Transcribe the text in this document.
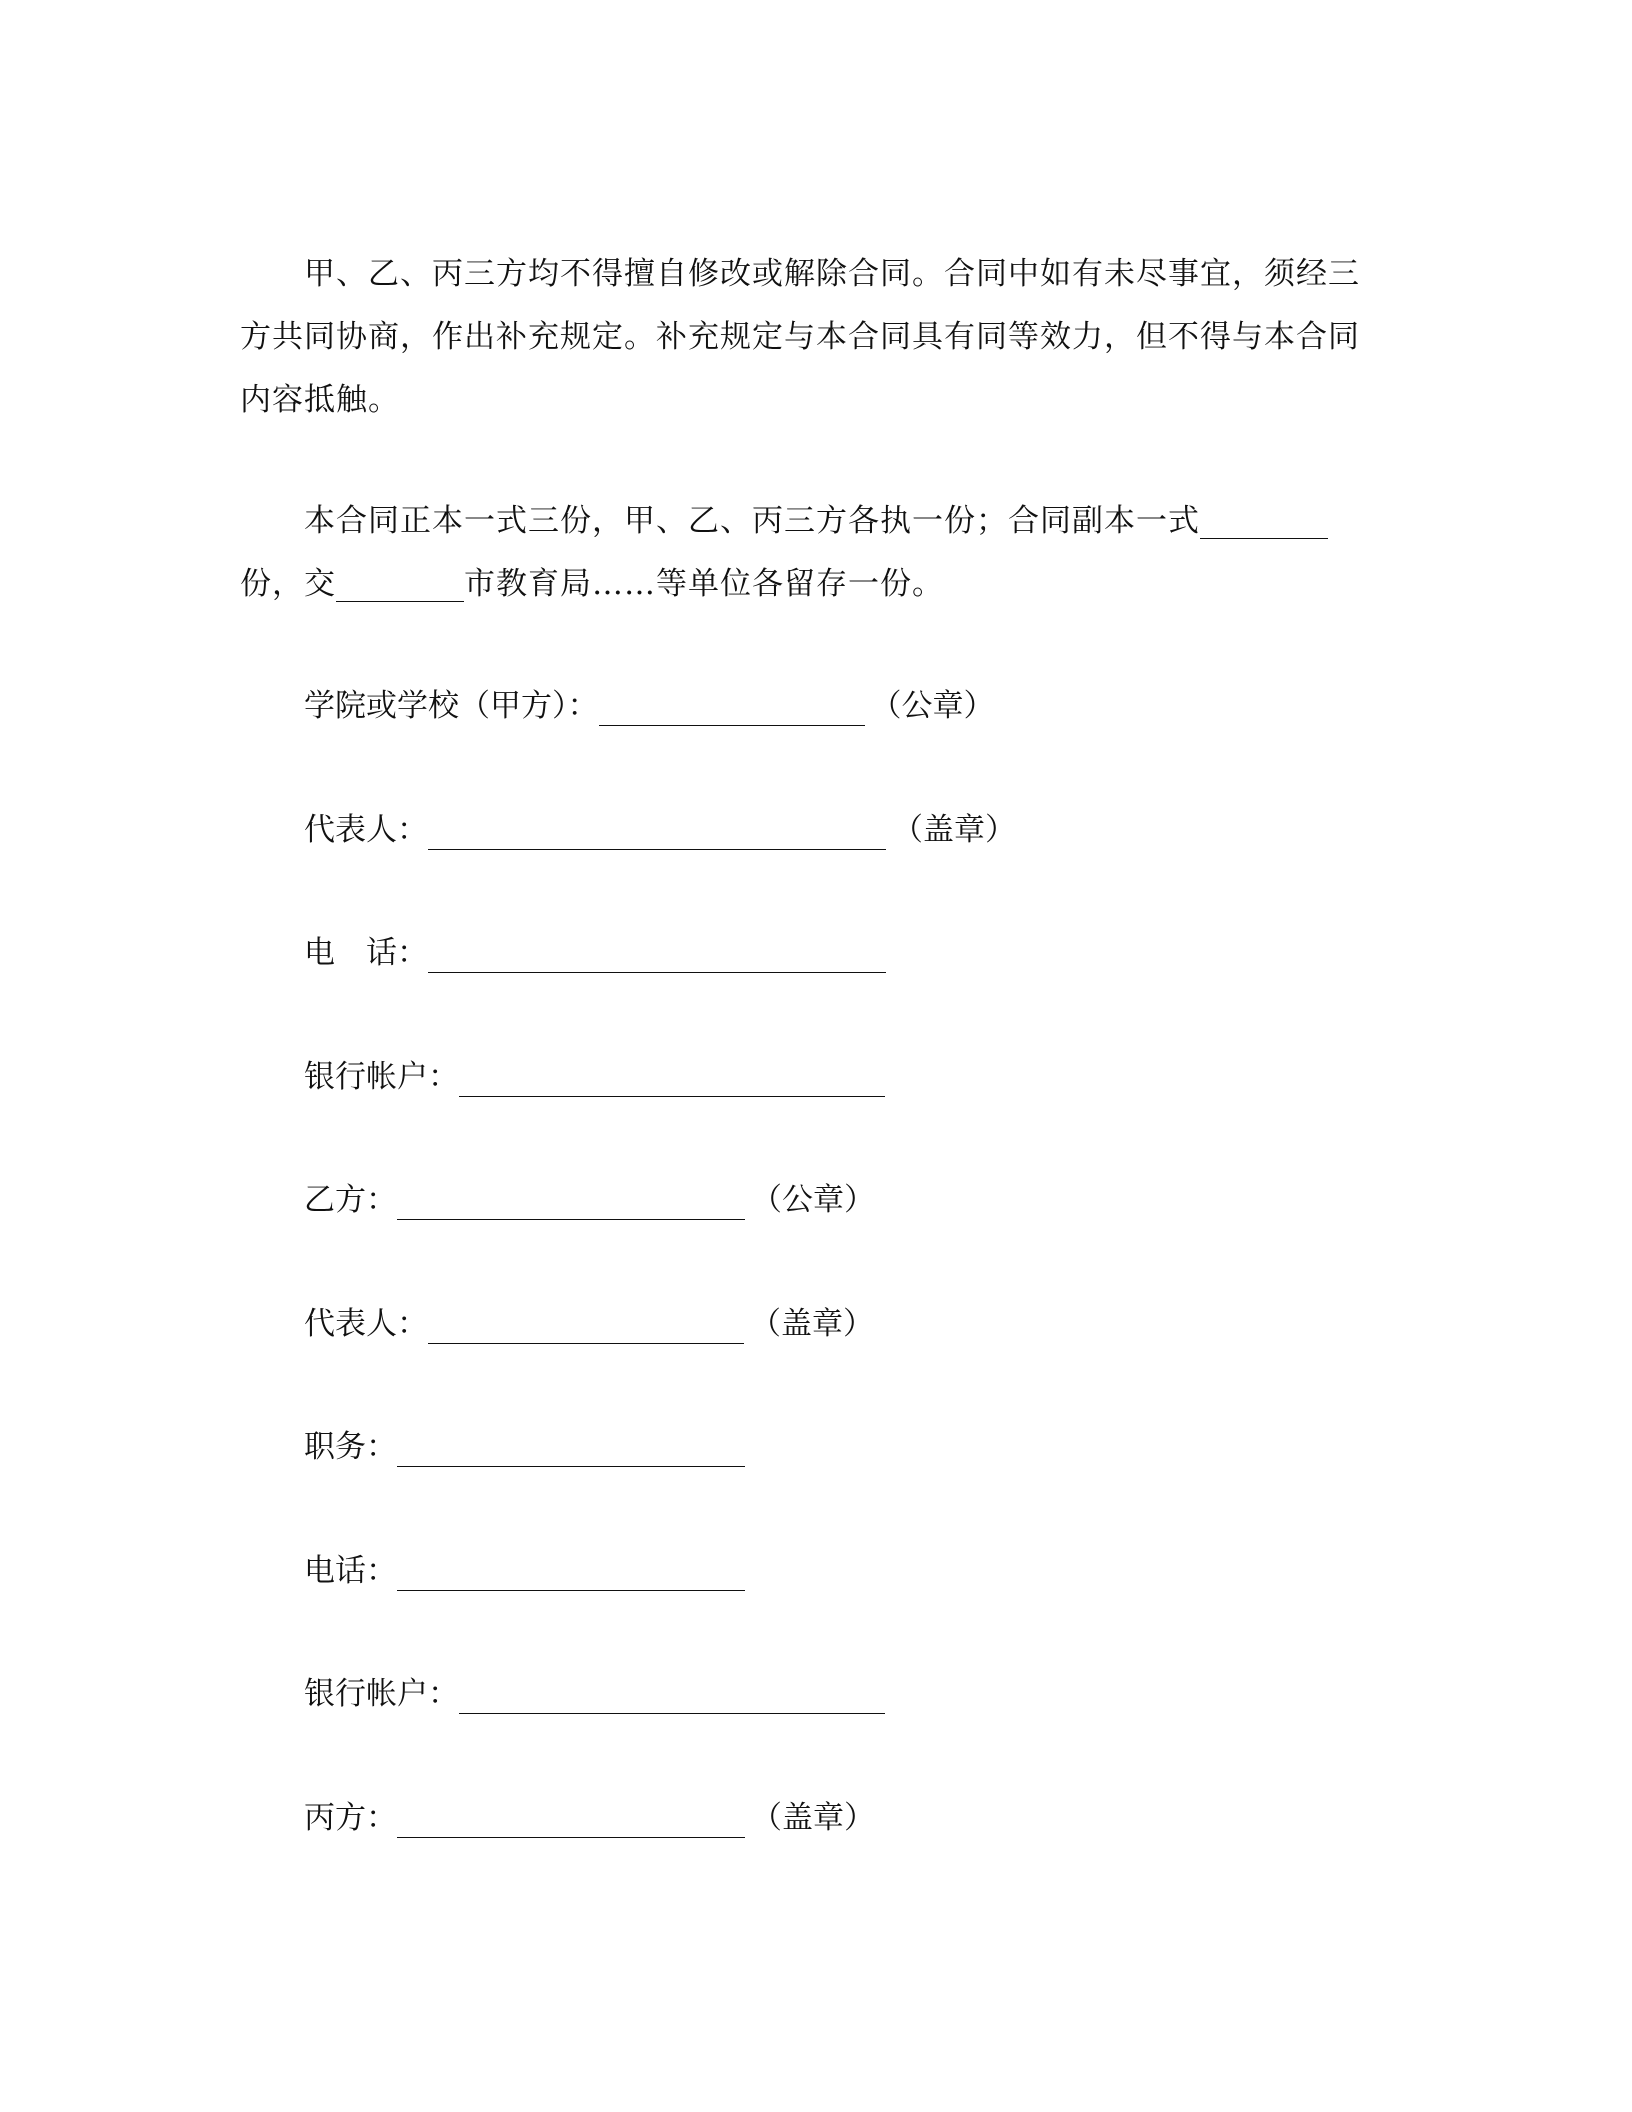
甲、乙、丙三方均不得擅自修改或解除合同。合同中如有未尽事宜，须经三方共同协商，作出补充规定。补充规定与本合同具有同等效力，但不得与本合同内容抵触。

本合同正本一式三份，甲、乙、丙三方各执一份；合同副本一式份，交	市教育局……等单位各留存一份。

学院或学校（甲方）：	（公章）
代表人：	（盖章）
电　话：
银行帐户：
乙方：	（公章）
代表人：	（盖章）
职务：
电话：
银行帐户：
丙方：	（盖章）
